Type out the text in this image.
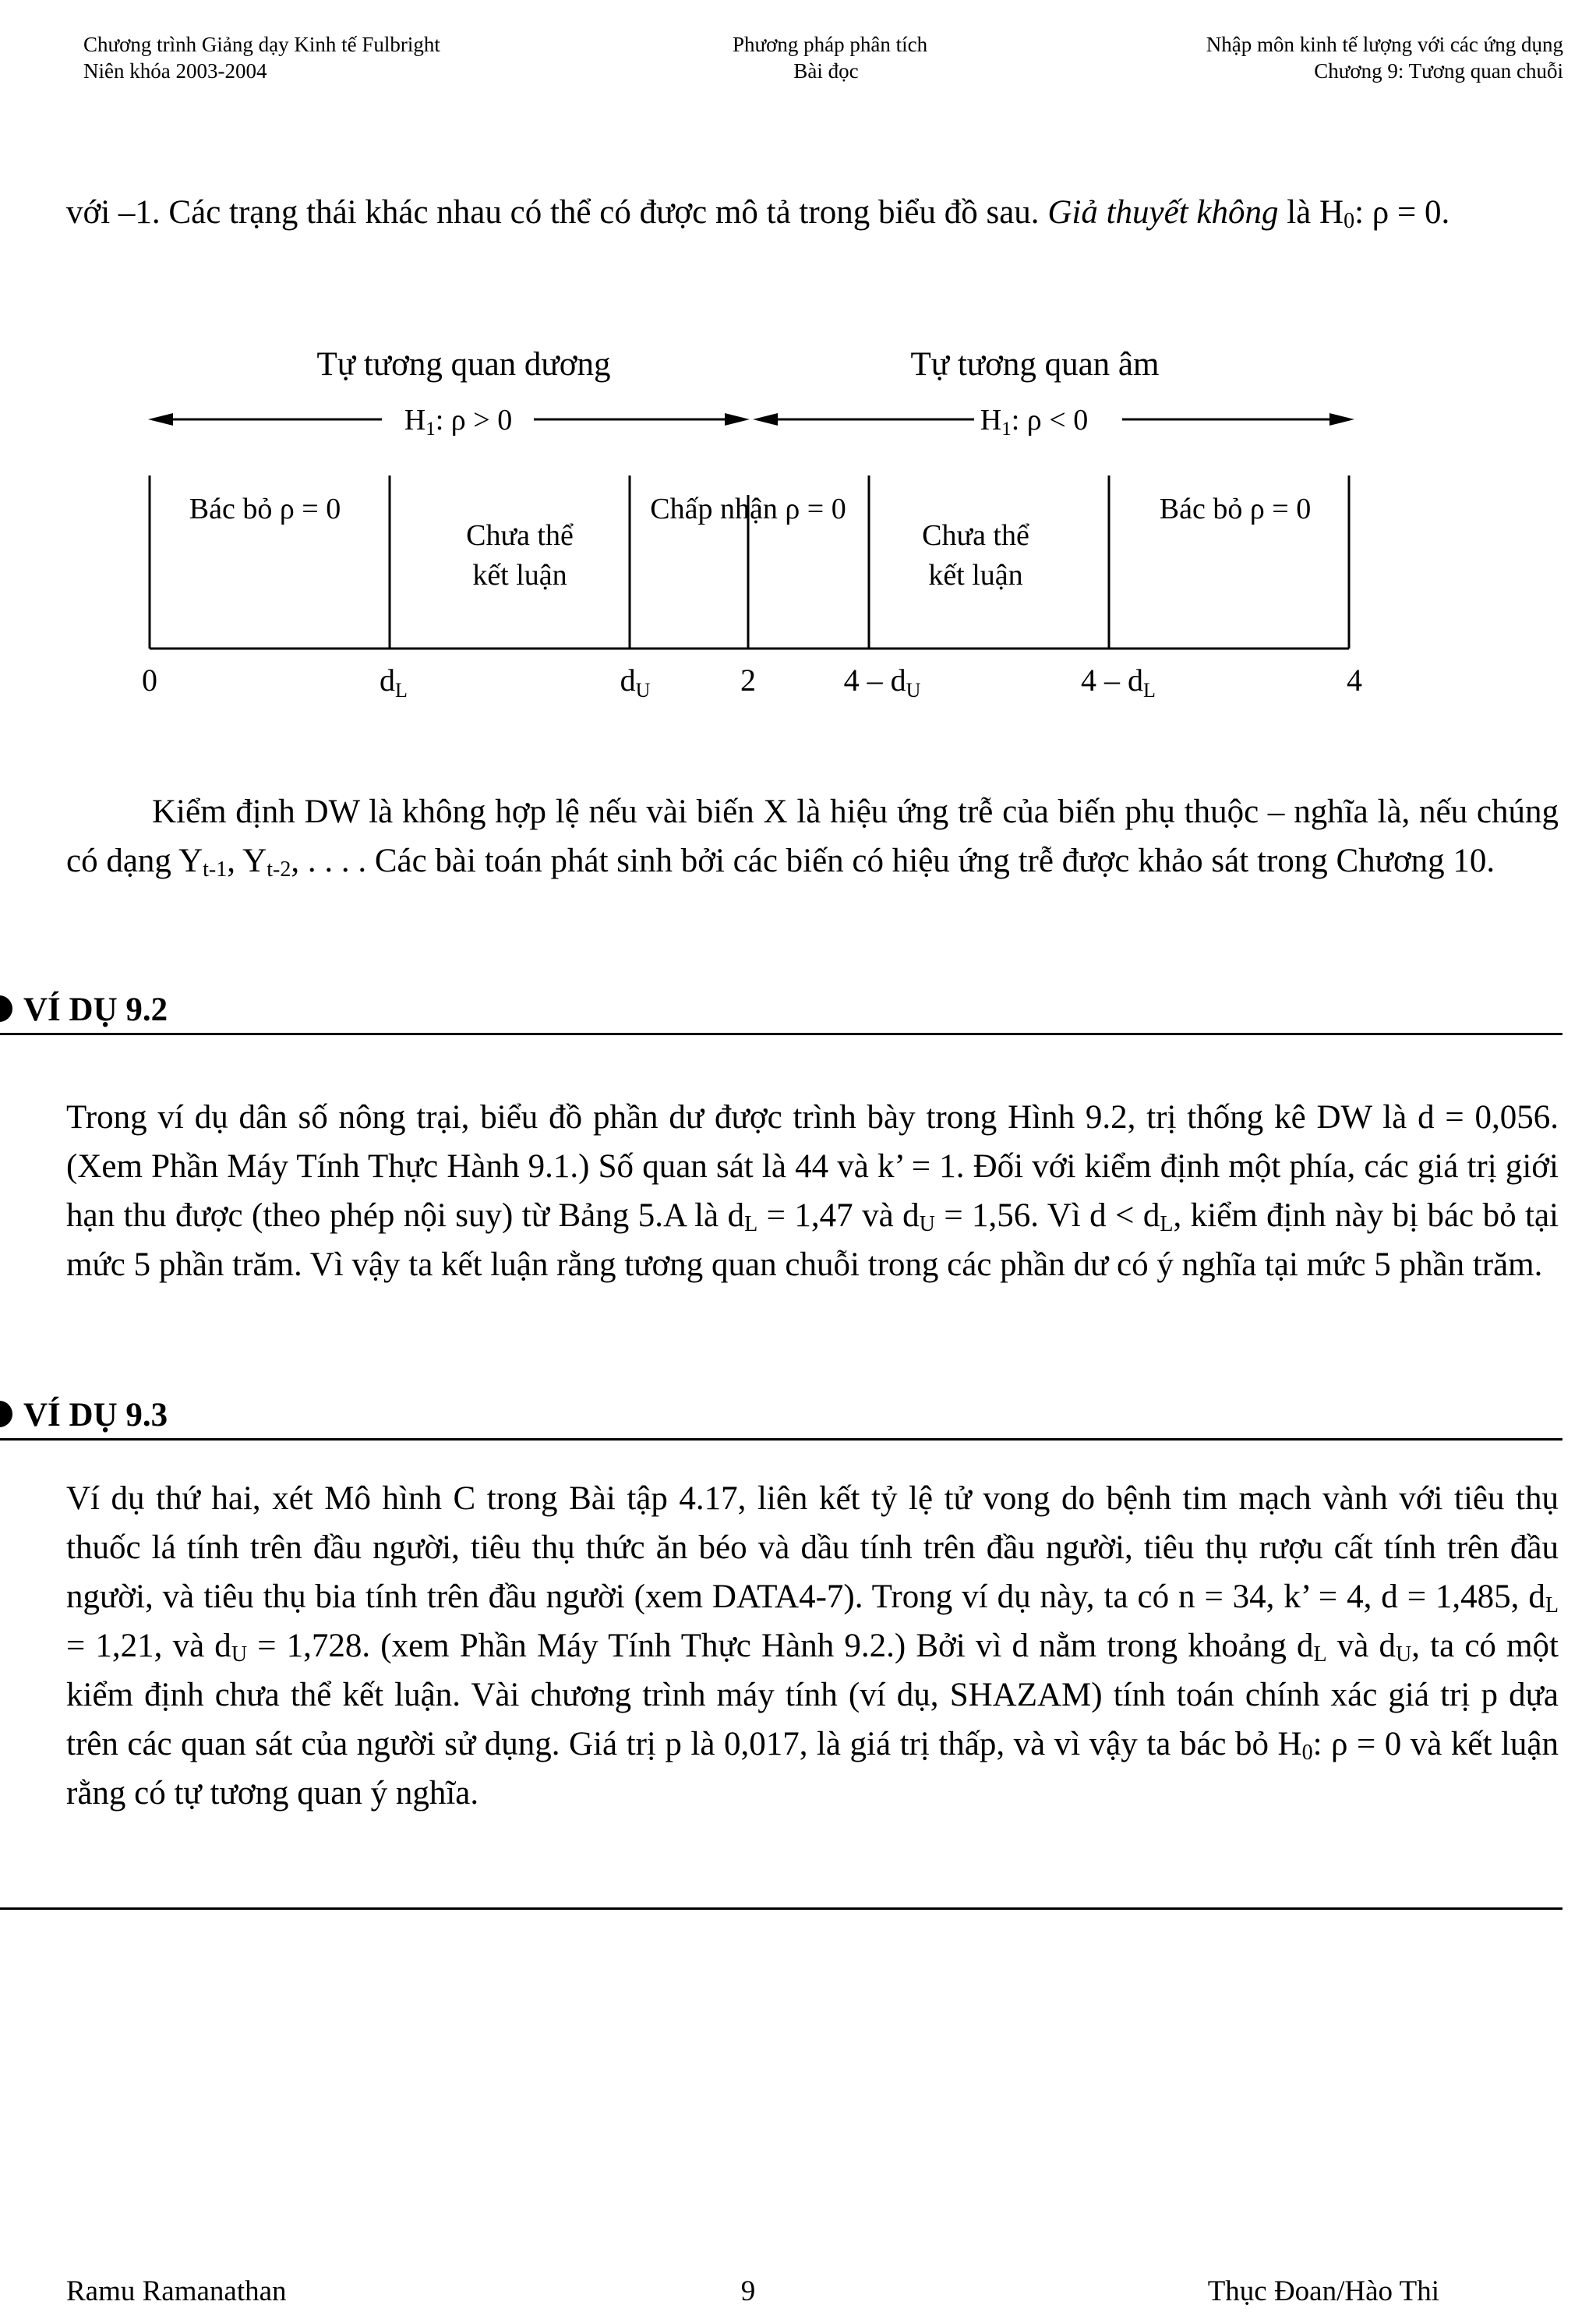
Chương trình Giảng dạy Kinh tế Fulbright
Niên khóa 2003-2004
Phương pháp phân tích
Bài đọc
Nhập môn kinh tế lượng với các ứng dụng
Chương 9: Tương quan chuỗi
với –1. Các trạng thái khác nhau có thể có được mô tả trong biểu đồ sau. Giả thuyết không là $H_0$: ρ = 0.
Tự tương quan dương	Tự tương quan âm
H1: ρ > 0	H1: ρ < 0
Bác bỏ ρ = 0
Chưa thể
kết luận
Chấp nhận ρ = 0
Chưa thể
kết luận
Bác bỏ ρ = 0
0	$d_L$	$d_U$	2	$4 - d_U$	$4 - d_L$	4
Kiểm định DW là không hợp lệ nếu vài biến X là hiệu ứng trễ của biến phụ thuộc – nghĩa là, nếu chúng có dạng $Y_{t-1}$, $Y_{t-2}$, . . . . Các bài toán phát sinh bởi các biến có hiệu ứng trễ được khảo sát trong Chương 10.
VÍ DỤ 9.2
Trong ví dụ dân số nông trại, biểu đồ phần dư được trình bày trong Hình 9.2, trị thống kê DW là d = 0,056. (Xem Phần Máy Tính Thực Hành 9.1.) Số quan sát là 44 và k’ = 1. Đối với kiểm định một phía, các giá trị giới hạn thu được (theo phép nội suy) từ Bảng 5.A là $d_L = 1,47$ và $d_U = 1,56$. Vì $d < d_L$, kiểm định này bị bác bỏ tại mức 5 phần trăm. Vì vậy ta kết luận rằng tương quan chuỗi trong các phần dư có ý nghĩa tại mức 5 phần trăm.
VÍ DỤ 9.3
Ví dụ thứ hai, xét Mô hình C trong Bài tập 4.17, liên kết tỷ lệ tử vong do bệnh tim mạch vành với tiêu thụ thuốc lá tính trên đầu người, tiêu thụ thức ăn béo và dầu tính trên đầu người, tiêu thụ rượu cất tính trên đầu người, và tiêu thụ bia tính trên đầu người (xem DATA4-7). Trong ví dụ này, ta có n = 34, k’ = 4, d = 1,485, $d_L = 1,21$, và $d_U = 1,728$. (xem Phần Máy Tính Thực Hành 9.2.) Bởi vì d nằm trong khoảng $d_L$ và $d_U$, ta có một kiểm định chưa thể kết luận. Vài chương trình máy tính (ví dụ, SHAZAM) tính toán chính xác giá trị p dựa trên các quan sát của người sử dụng. Giá trị p là 0,017, là giá trị thấp, và vì vậy ta bác bỏ $H_0$: ρ = 0 và kết luận rằng có tự tương quan ý nghĩa.
Ramu Ramanathan	9	Thục Đoan/Hào Thi
